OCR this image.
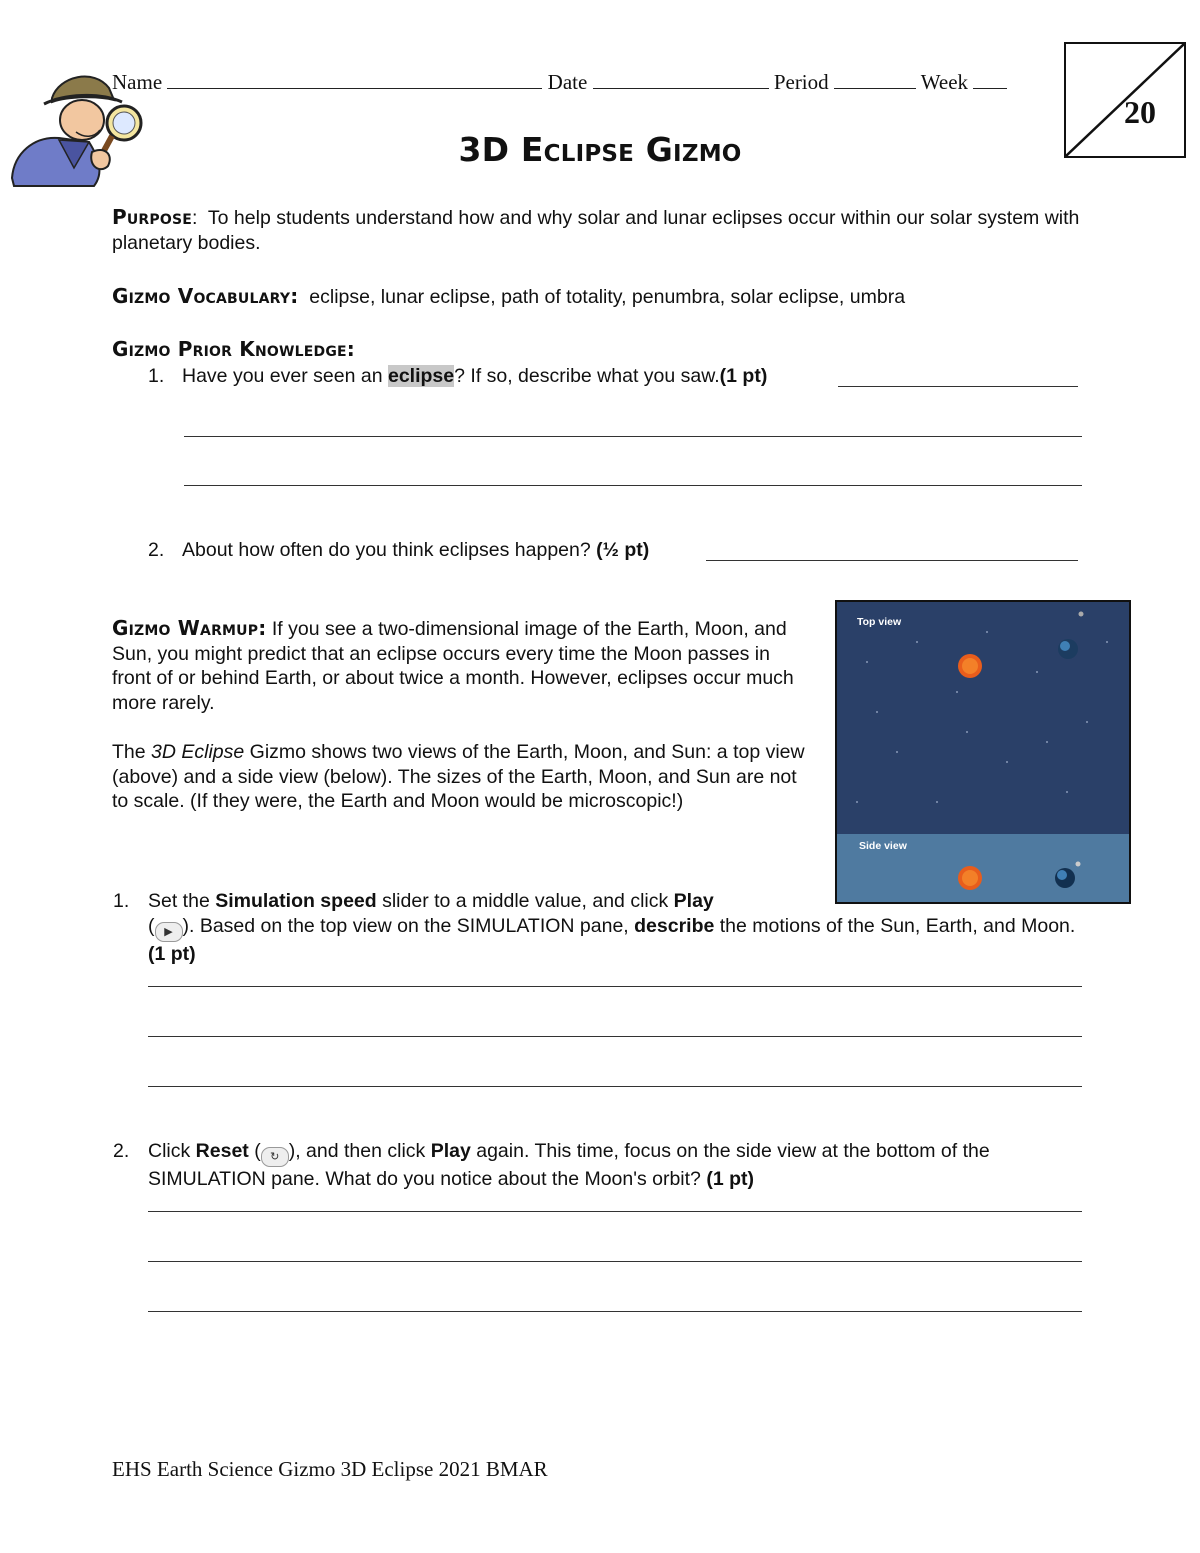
Name	Date	Period	Week
20
3D Eclipse Gizmo
Purpose:  To help students understand how and why solar and lunar eclipses occur within our solar system with planetary bodies.
Gizmo Vocabulary: eclipse, lunar eclipse, path of totality, penumbra, solar eclipse, umbra
Gizmo Prior Knowledge:
1. Have you ever seen an eclipse? If so, describe what you saw.(1 pt)
2. About how often do you think eclipses happen? (½ pt)
Gizmo Warmup: If you see a two-dimensional image of the Earth, Moon, and Sun, you might predict that an eclipse occurs every time the Moon passes in front of or behind Earth, or about twice a month. However, eclipses occur much more rarely.
The 3D Eclipse Gizmo shows two views of the Earth, Moon, and Sun: a top view (above) and a side view (below). The sizes of the Earth, Moon, and Sun are not to scale. (If they were, the Earth and Moon would be microscopic!)
Top view
Side view
1. Set the Simulation speed slider to a middle value, and click Play
( ▶ ). Based on the top view on the SIMULATION pane, describe the motions of the Sun, Earth, and Moon. (1 pt)
2. Click Reset ( ↻ ), and then click Play again. This time, focus on the side view at the bottom of the SIMULATION pane. What do you notice about the Moon's orbit? (1 pt)
EHS Earth Science Gizmo 3D Eclipse 2021 BMAR
